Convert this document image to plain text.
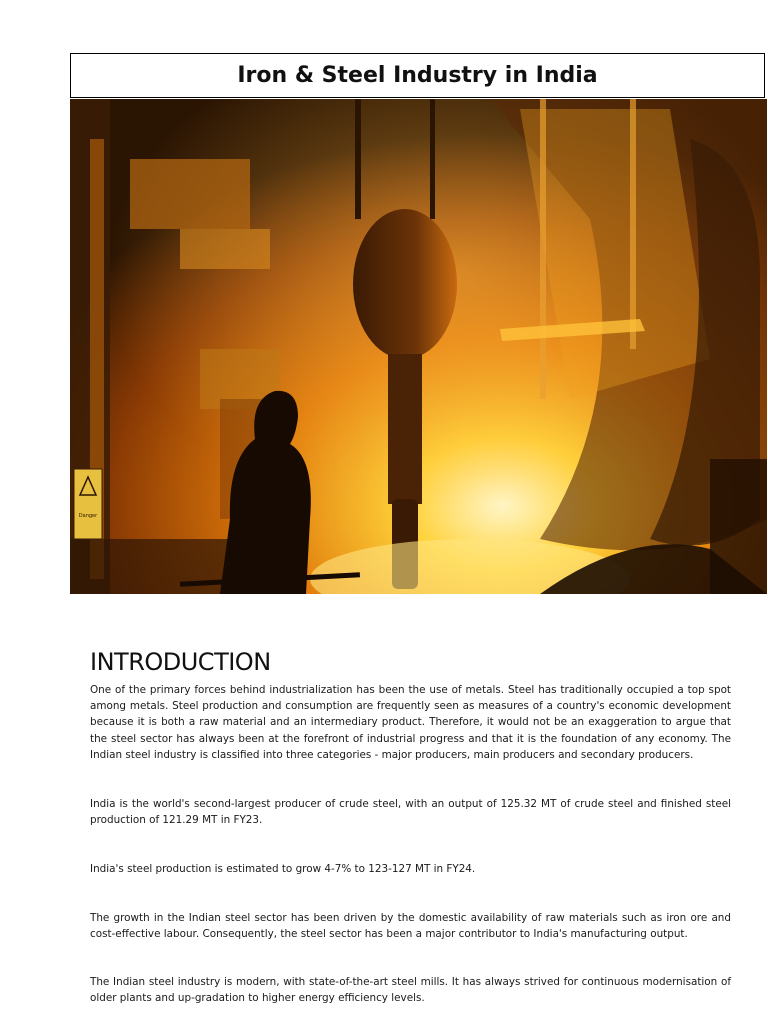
Iron & Steel Industry in India
Danger
INTRODUCTION

One of the primary forces behind industrialization has been the use of metals. Steel has traditionally occupied a top spot among metals. Steel production and consumption are frequently seen as measures of a country's economic development because it is both a raw material and an intermediary product. Therefore, it would not be an exaggeration to argue that the steel sector has always been at the forefront of industrial progress and that it is the foundation of any economy. The Indian steel industry is classified into three categories - major producers, main producers and secondary producers.

India is the world's second-largest producer of crude steel, with an output of 125.32 MT of crude steel and finished steel production of 121.29 MT in FY23.

India's steel production is estimated to grow 4-7% to 123-127 MT in FY24.

The growth in the Indian steel sector has been driven by the domestic availability of raw materials such as iron ore and cost-effective labour. Consequently, the steel sector has been a major contributor to India's manufacturing output.

The Indian steel industry is modern, with state-of-the-art steel mills. It has always strived for continuous modernisation of older plants and up-gradation to higher energy efficiency levels.
